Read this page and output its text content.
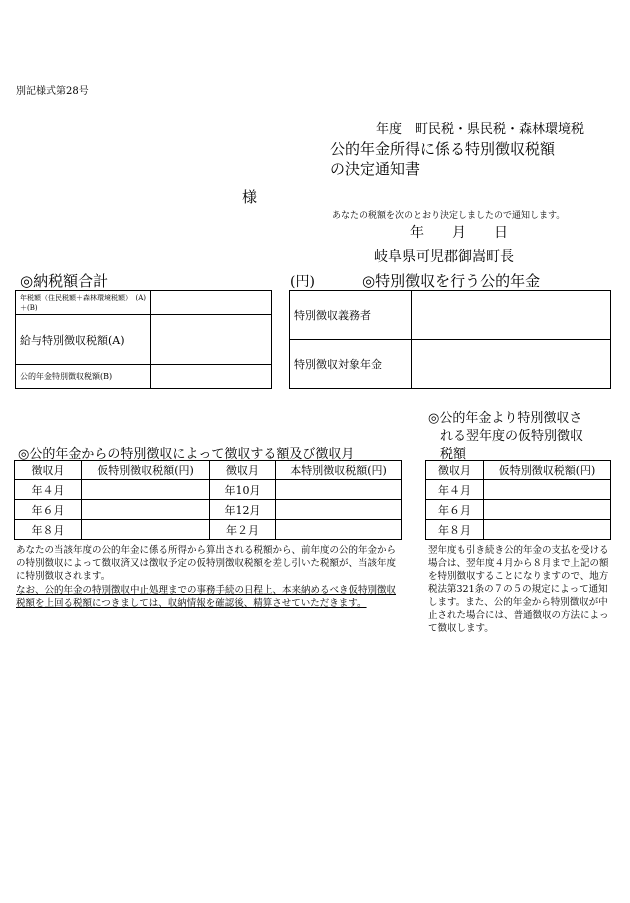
別記様式第28号
年度　町民税・県民税・森林環境税
公的年金所得に係る特別徴収税額
の決定通知書
様
あなたの税額を次のとおり決定しましたので通知します。
年　　月　　日
岐阜県可児郡御嵩町長
◎納税額合計	(円)	◎特別徴収を行う公的年金
年税額（住民税額＋森林環境税額）　(A)＋(B)	
給与特別徴収税額(A)	
公的年金特別徴収税額(B)	
特別徴収義務者	
特別徴収対象年金	
◎公的年金より特別徴収さ
れる翌年度の仮特別徴収
税額
◎公的年金からの特別徴収によって徴収する額及び徴収月
徴収月	仮特別徴収税額(円)	徴収月	本特別徴収税額(円)
年４月		年10月	
年６月		年12月	
年８月		年２月	
徴収月	仮特別徴収税額(円)
年４月	
年６月	
年８月	
あなたの当該年度の公的年金に係る所得から算出される税額から、前年度の公的年金からの特別徴収によって徴収済又は徴収予定の仮特別徴収税額を差し引いた税額が、当該年度に特別徴収されます。
なお、公的年金の特別徴収中止処理までの事務手続の日程上、本来納めるべき仮特別徴収税額を上回る税額につきましては、収納情報を確認後、精算させていただきます。
翌年度も引き続き公的年金の支払を受ける場合は、翌年度４月から８月まで上記の額を特別徴収することになりますので、地方税法第321条の７の５の規定によって通知します。また、公的年金から特別徴収が中止された場合には、普通徴収の方法によって徴収します。
